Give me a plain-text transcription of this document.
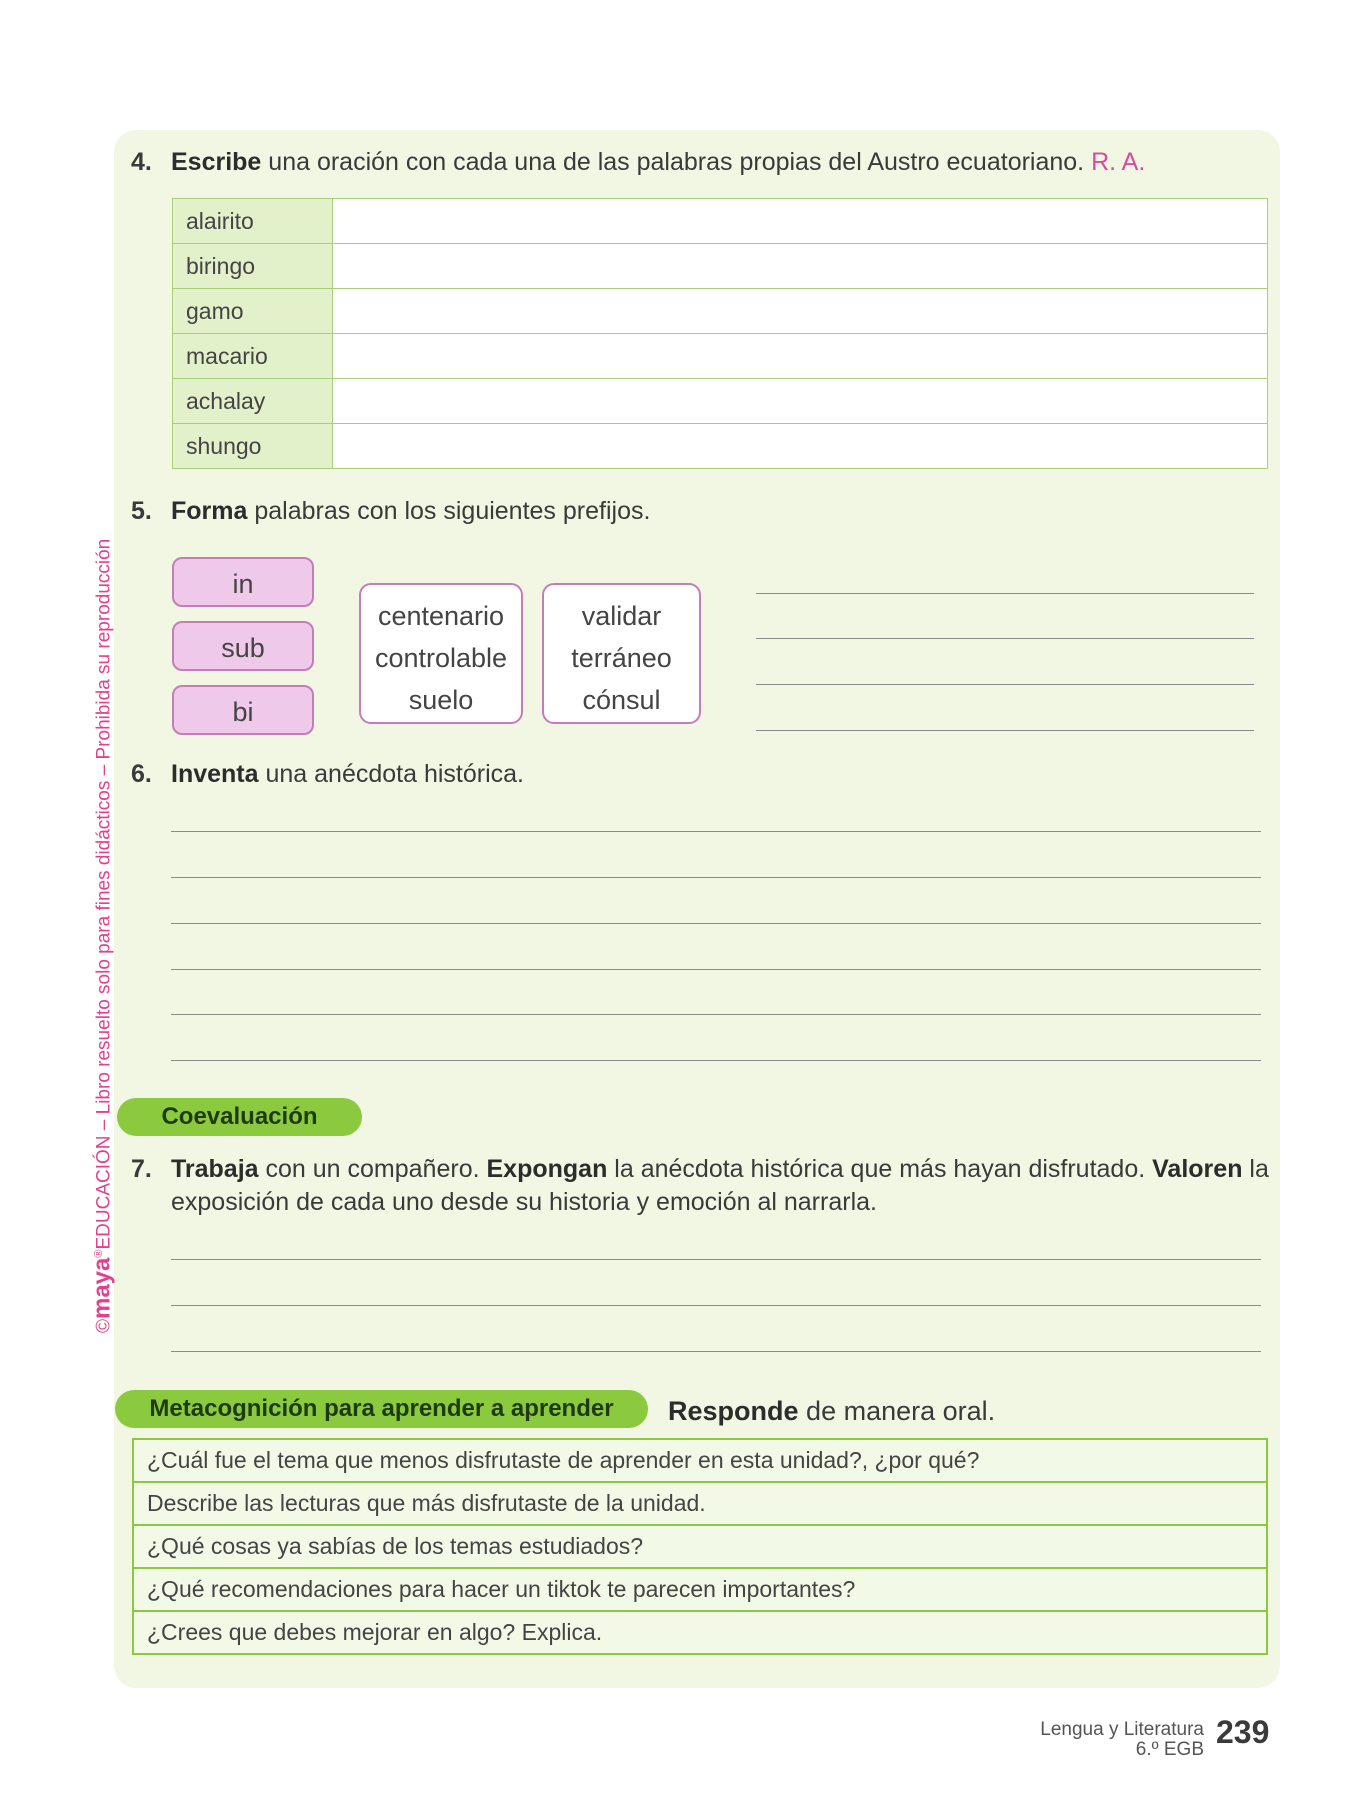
©maya®EDUCACIÓN – Libro resuelto solo para fines didácticos – Prohibida su reproducción
4. Escribe una oración con cada una de las palabras propias del Austro ecuatoriano. R. A.
alairito	
biringo	
gamo	
macario	
achalay	
shungo	
5. Forma palabras con los siguientes prefijos.
in
sub
bi
centenario
controlable
suelo
validar
terráneo
cónsul
6. Inventa una anécdota histórica.
Coevaluación
7. Trabaja con un compañero. Expongan la anécdota histórica que más hayan disfrutado. Valoren la
exposición de cada uno desde su historia y emoción al narrarla.
Metacognición para aprender a aprender	Responde de manera oral.
¿Cuál fue el tema que menos disfrutaste de aprender en esta unidad?, ¿por qué?
Describe las lecturas que más disfrutaste de la unidad.
¿Qué cosas ya sabías de los temas estudiados?
¿Qué recomendaciones para hacer un tiktok te parecen importantes?
¿Crees que debes mejorar en algo? Explica.
Lengua y Literatura
6.º EGB 239
